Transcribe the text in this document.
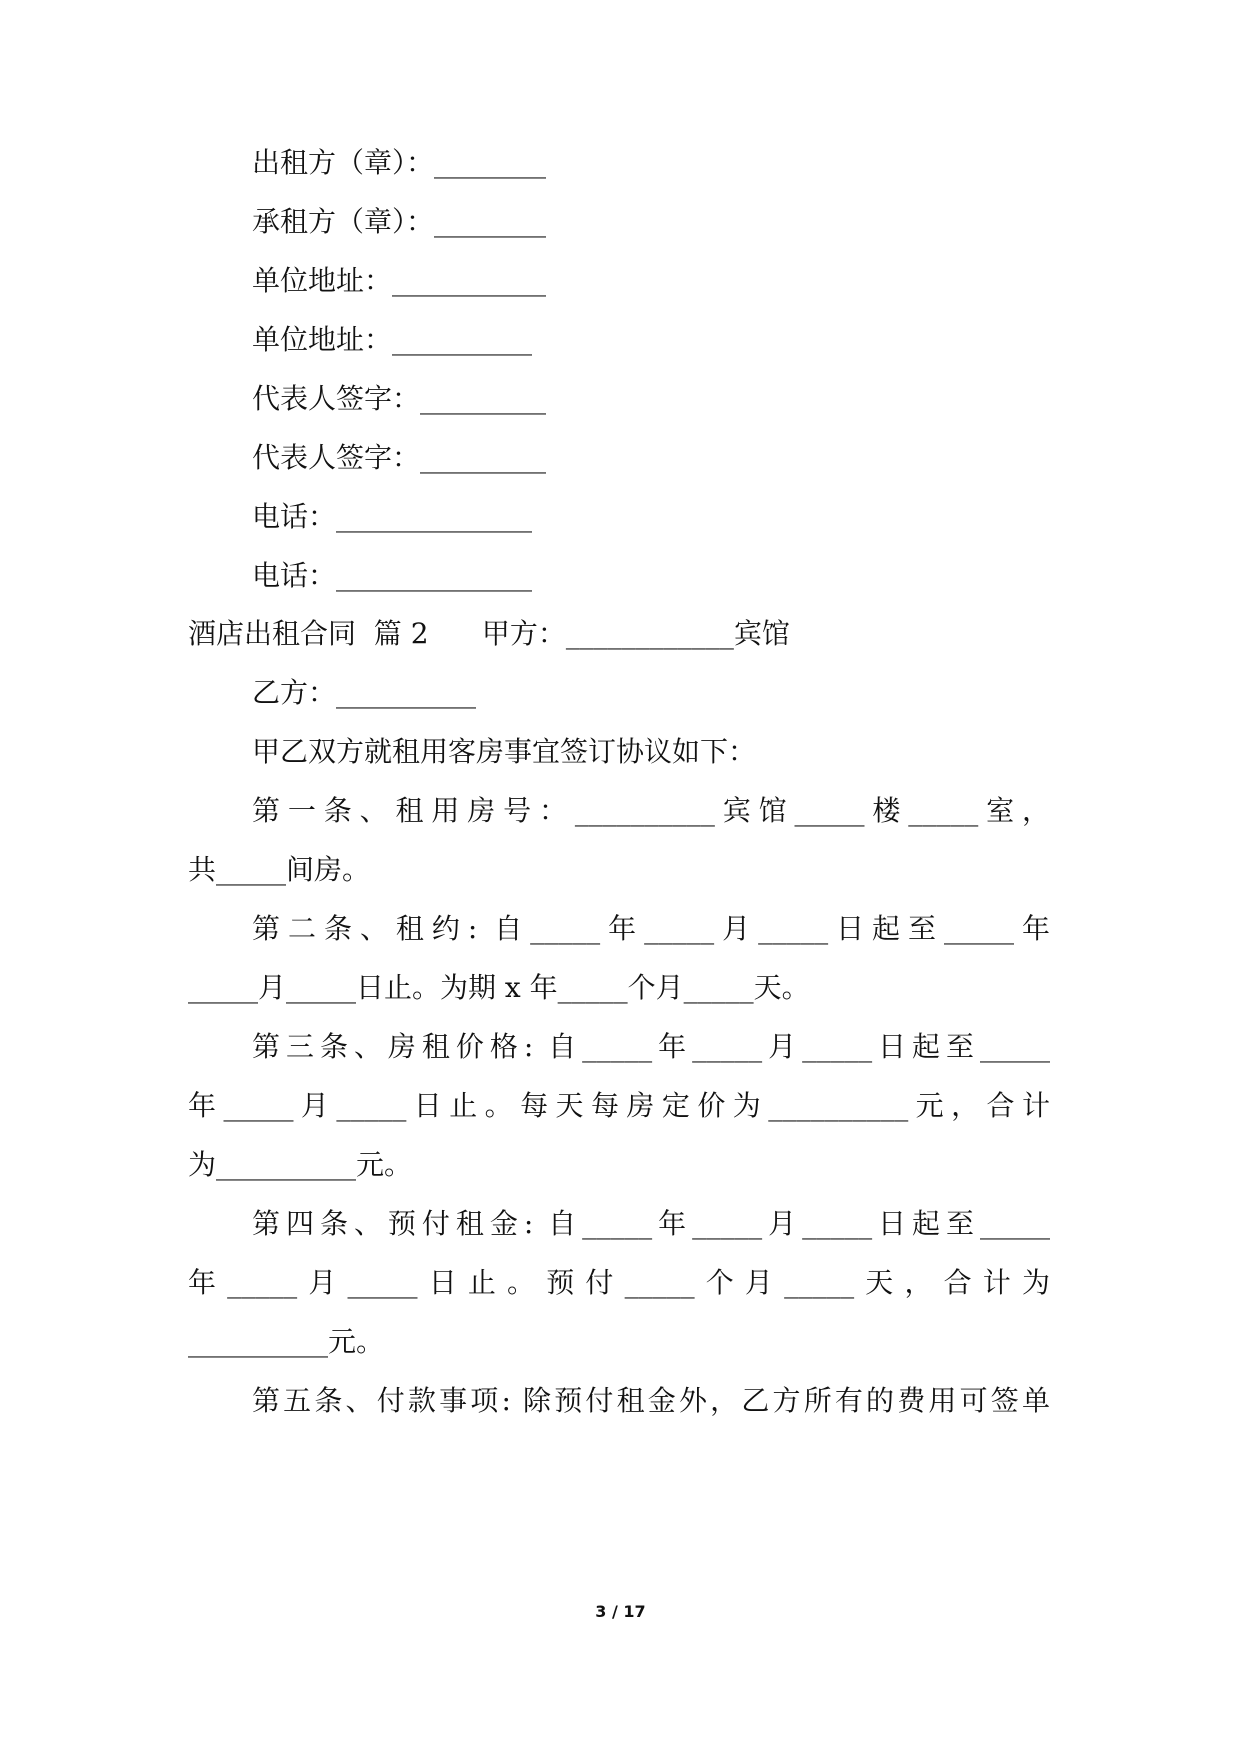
出租方（章）：________
承租方（章）：________
单位地址：___________
单位地址：__________
代表人签字：_________
代表人签字：_________
电话：______________
电话：______________
酒店出租合同  篇 2      甲方：____________宾馆
乙方：__________
甲乙双方就租用客房事宜签订协议如下：
第一条、租用房号：__________宾馆_____楼_____室，
共_____间房。
第二条、租约: 自_____年_____月_____日起至_____年
_____月_____日止。为期 x 年_____个月_____天。
第三条、房租价格: 自_____年_____月_____日起至_____
年_____月_____日止。每天每房定价为__________元，合计
为__________元。
第四条、预付租金: 自_____年_____月_____日起至_____
年_____月_____日止。预付_____个月_____天，合计为
__________元。
第五条、付款事项: 除预付租金外，乙方所有的费用可签单
3 / 17
